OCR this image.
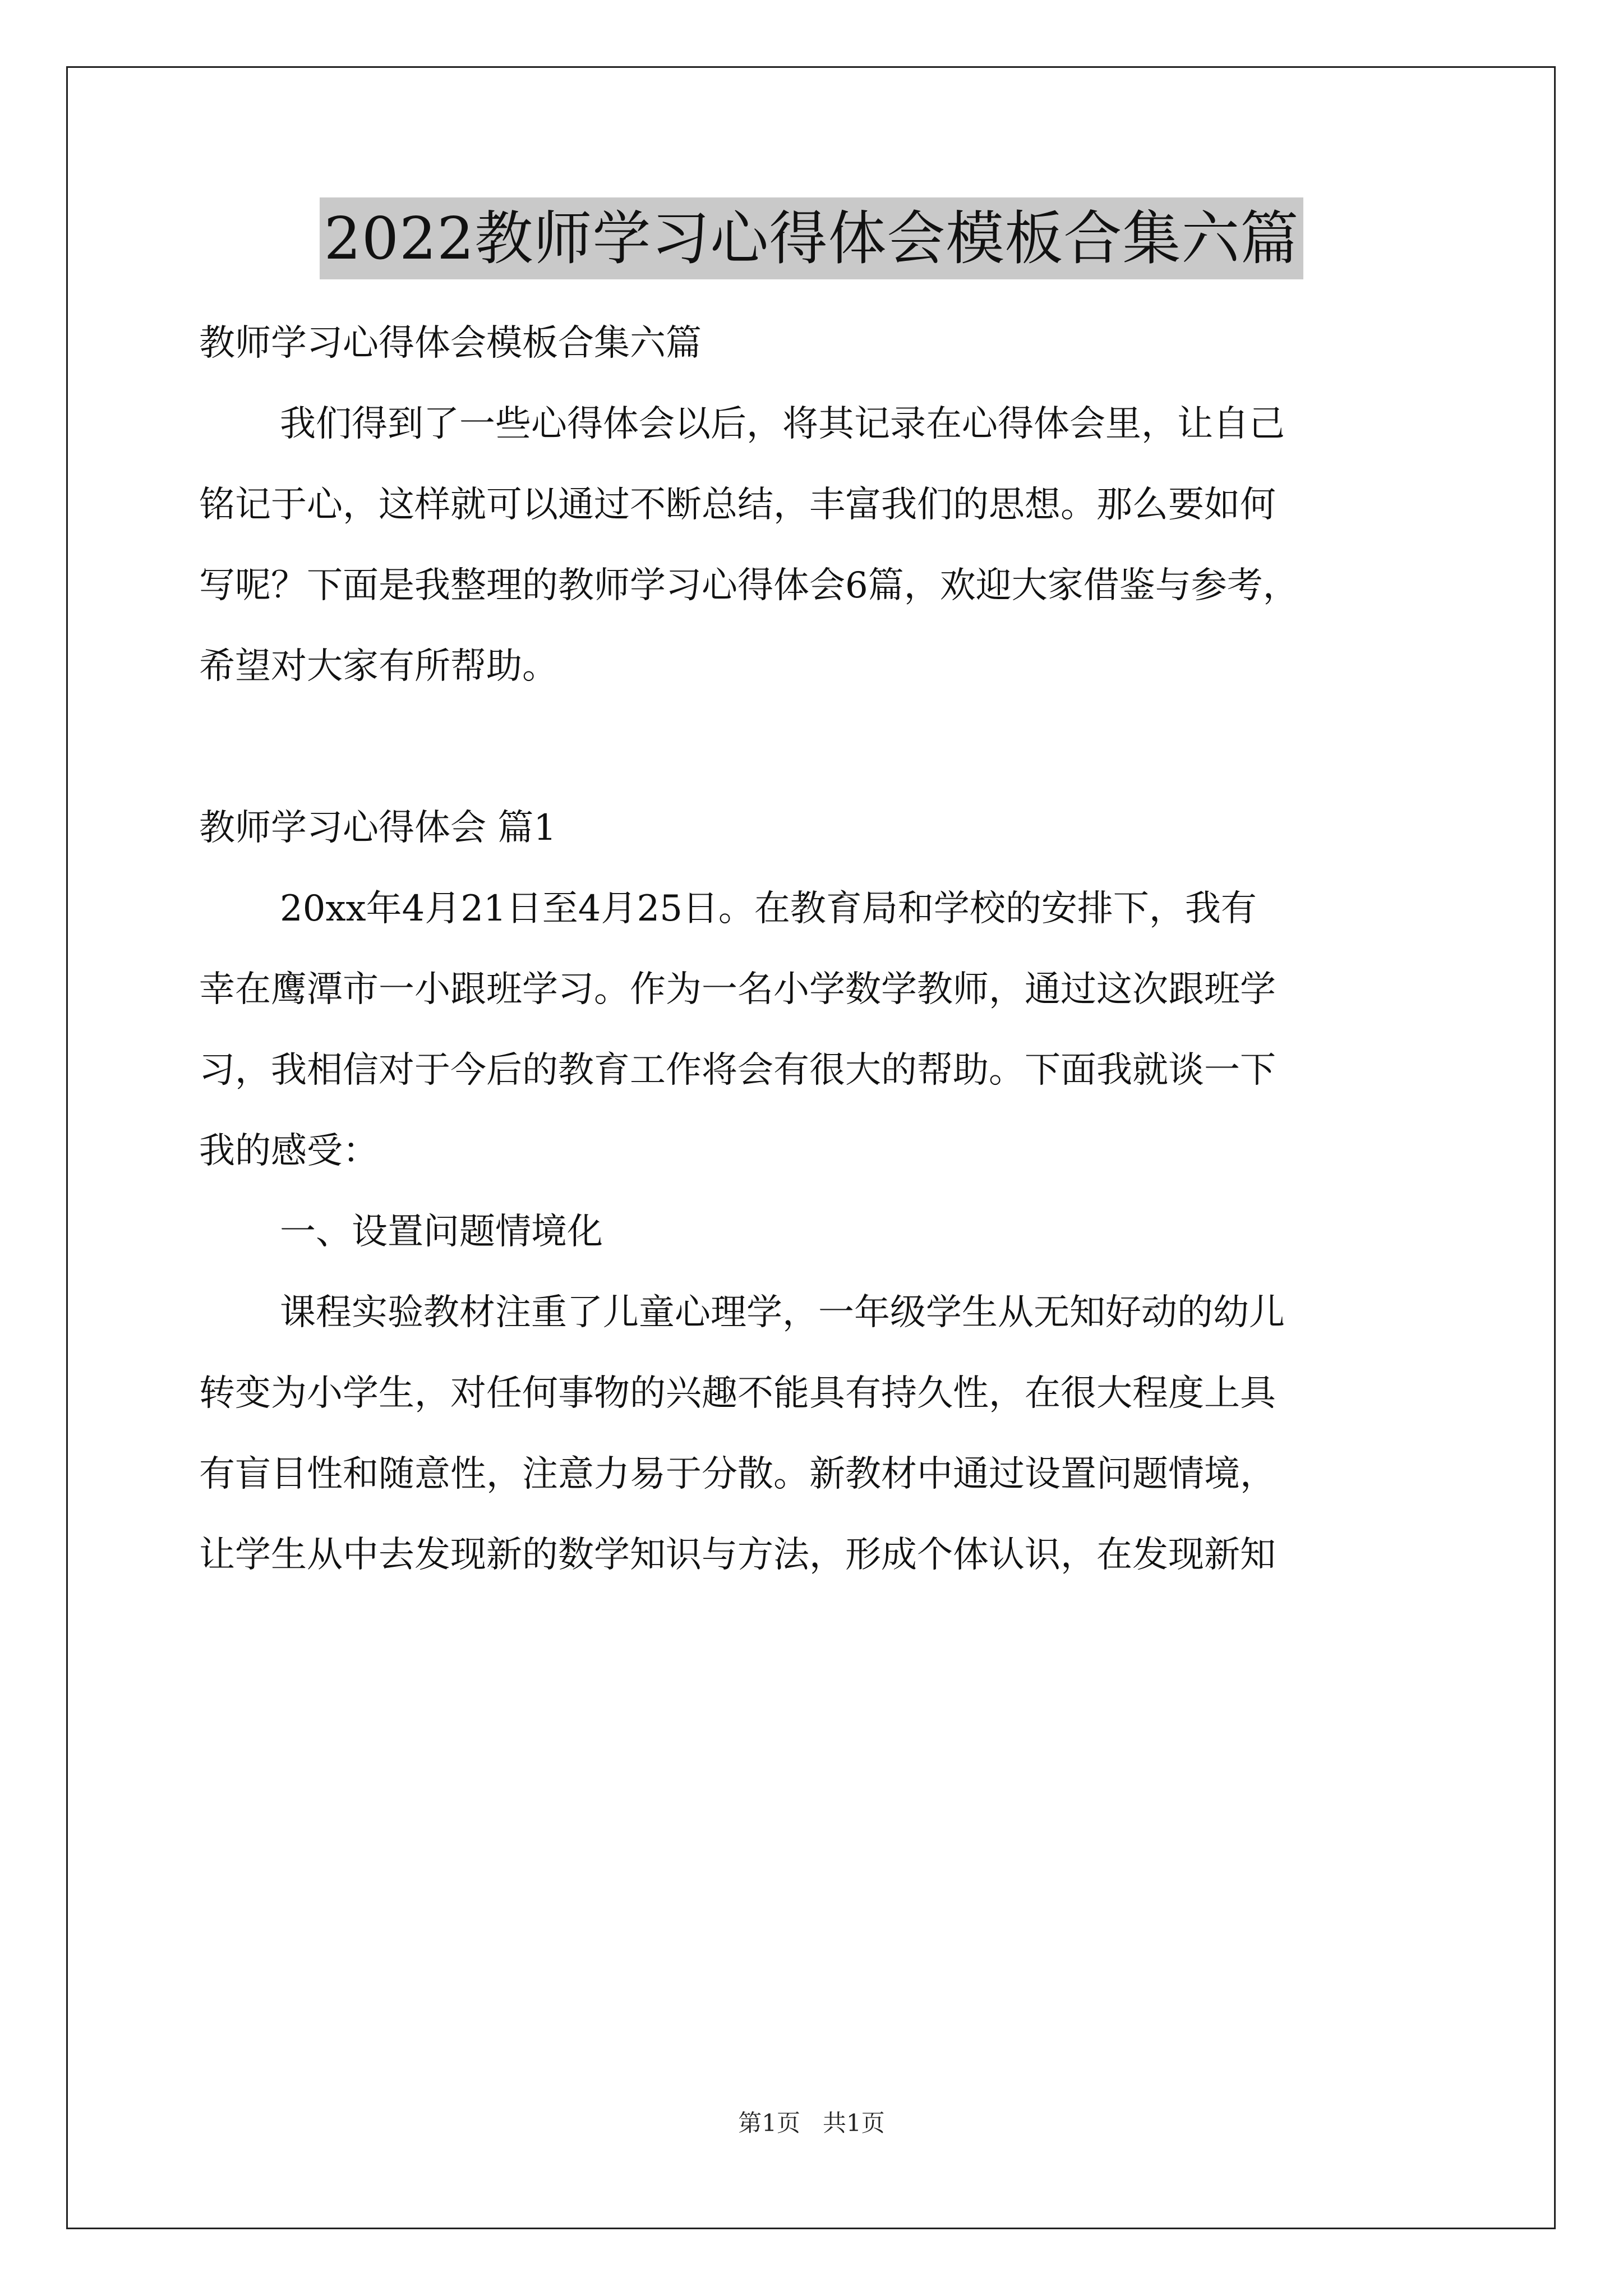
2022教师学习心得体会模板合集六篇
教师学习心得体会模板合集六篇
我们得到了一些心得体会以后，将其记录在心得体会里，让自己
铭记于心，这样就可以通过不断总结，丰富我们的思想。那么要如何
写呢？下面是我整理的教师学习心得体会6篇，欢迎大家借鉴与参考，
希望对大家有所帮助。
教师学习心得体会 篇1
20xx年4月21日至4月25日。在教育局和学校的安排下，我有
幸在鹰潭市一小跟班学习。作为一名小学数学教师，通过这次跟班学
习，我相信对于今后的教育工作将会有很大的帮助。下面我就谈一下
我的感受：
一、设置问题情境化
课程实验教材注重了儿童心理学，一年级学生从无知好动的幼儿
转变为小学生，对任何事物的兴趣不能具有持久性，在很大程度上具
有盲目性和随意性，注意力易于分散。新教材中通过设置问题情境，
让学生从中去发现新的数学知识与方法，形成个体认识，在发现新知
第1页 共1页
